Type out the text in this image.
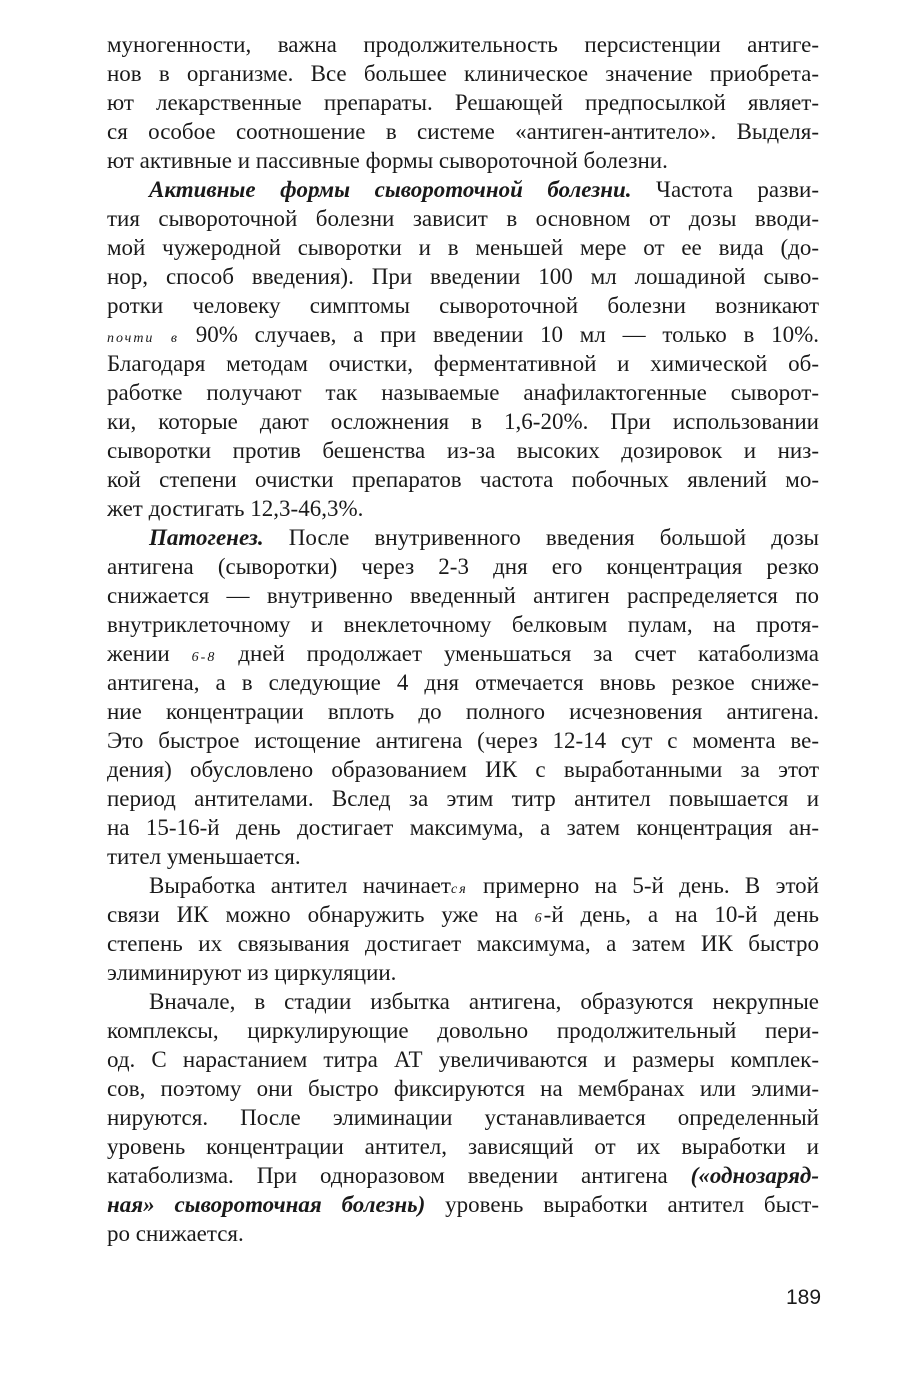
муногенности, важна продолжительность персистенции антиге-
нов в организме. Все большее клиническое значение приобрета-
ют лекарственные препараты. Решающей предпосылкой являет-
ся особое соотношение в системе «антиген-антитело». Выделя-
ют активные и пассивные формы сывороточной болезни.
Активные формы сывороточной болезни. Частота разви-
тия сывороточной болезни зависит в основном от дозы вводи-
мой чужеродной сыворотки и в меньшей мере от ее вида (до-
нор, способ введения). При введении 100 мл лошадиной сыво-
ротки человеку симптомы сывороточной болезни возникают
почти в 90% случаев, а при введении 10 мл — только в 10%.
Благодаря методам очистки, ферментативной и химической об-
работке получают так называемые анафилактогенные сыворот-
ки, которые дают осложнения в 1,6-20%. При использовании
сыворотки против бешенства из-за высоких дозировок и низ-
кой степени очистки препаратов частота побочных явлений мо-
жет достигать 12,3-46,3%.
Патогенез. После внутривенного введения большой дозы
антигена (сыворотки) через 2-3 дня его концентрация резко
снижается — внутривенно введенный антиген распределяется по
внутриклеточному и внеклеточному белковым пулам, на протя-
жении 6-8 дней продолжает уменьшаться за счет катаболизма
антигена, а в следующие 4 дня отмечается вновь резкое сниже-
ние концентрации вплоть до полного исчезновения антигена.
Это быстрое истощение антигена (через 12-14 сут с момента ве-
дения) обусловлено образованием ИК с выработанными за этот
период антителами. Вслед за этим титр антител повышается и
на 15-16-й день достигает максимума, а затем концентрация ан-
тител уменьшается.
Выработка антител начинается примерно на 5-й день. В этой
связи ИК можно обнаружить уже на 6-й день, а на 10-й день
степень их связывания достигает максимума, а затем ИК быстро
элиминируют из циркуляции.
Вначале, в стадии избытка антигена, образуются некрупные
комплексы, циркулирующие довольно продолжительный пери-
од. С нарастанием титра АТ увеличиваются и размеры комплек-
сов, поэтому они быстро фиксируются на мембранах или элими-
нируются. После элиминации устанавливается определенный
уровень концентрации антител, зависящий от их выработки и
катаболизма. При одноразовом введении антигена («однозаряд-
ная» сывороточная болезнь) уровень выработки антител быст-
ро снижается.
189
